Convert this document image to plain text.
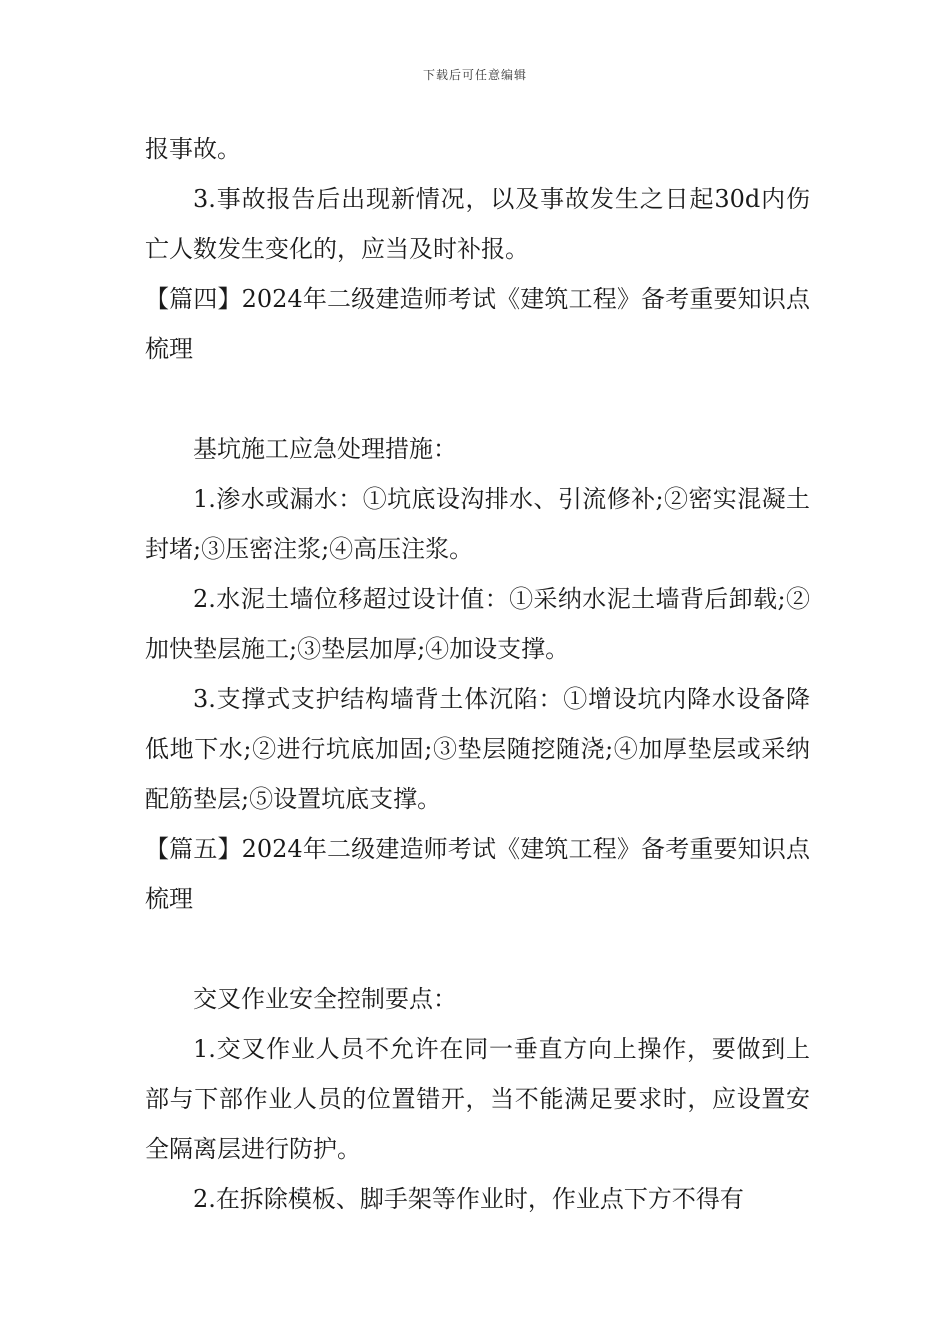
下载后可任意编辑

报事故。

3.事故报告后出现新情况，以及事故发生之日起30d内伤亡人数发生变化的，应当及时补报。

【篇四】2024年二级建造师考试《建筑工程》备考重要知识点梳理

基坑施工应急处理措施：

1.渗水或漏水：①坑底设沟排水、引流修补;②密实混凝土封堵;③压密注浆;④高压注浆。

2.水泥土墙位移超过设计值：①采纳水泥土墙背后卸载;②加快垫层施工;③垫层加厚;④加设支撑。

3.支撑式支护结构墙背土体沉陷：①增设坑内降水设备降低地下水;②进行坑底加固;③垫层随挖随浇;④加厚垫层或采纳配筋垫层;⑤设置坑底支撑。

【篇五】2024年二级建造师考试《建筑工程》备考重要知识点梳理

交叉作业安全控制要点：

1.交叉作业人员不允许在同一垂直方向上操作，要做到上部与下部作业人员的位置错开，当不能满足要求时，应设置安全隔离层进行防护。

2.在拆除模板、脚手架等作业时，作业点下方不得有
